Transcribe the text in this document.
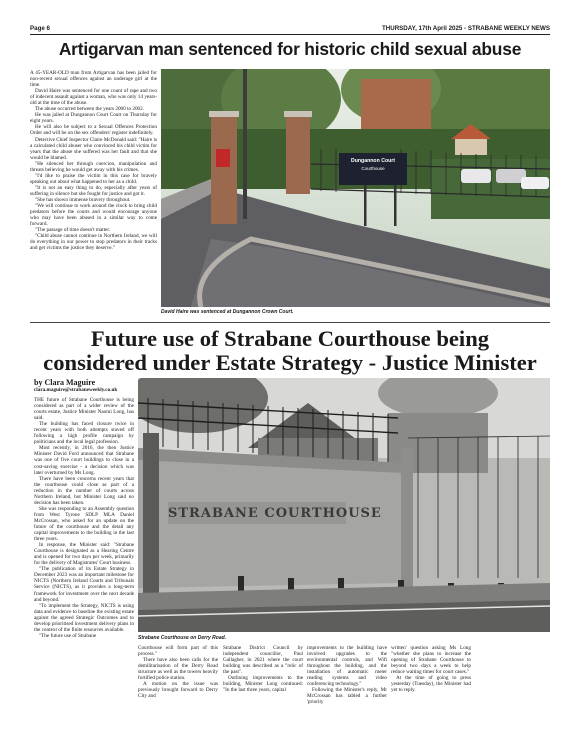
Page 6	THURSDAY, 17th April 2025 - STRABANE WEEKLY NEWS
Artigarvan man sentenced for historic child sexual abuse

A 45-YEAR-OLD man from Artigarvan has been jailed for non-recent sexual offences against an underage girl at the time.

David Haire was sentenced for one count of rape and two of indecent assault against a woman, who was only 14 years-old at the time of the abuse.

The abuse occurred between the years 2000 to 2002.

He was jailed at Dungannon Court Court on Thursday for eight years.

He will also be subject to a Sexual Offences Protection Order and will be on the sex offenders' register indefinitely.

Detective Chief Inspector Claire McDonald said: "Haire is a calculated child abuser who convinced his child victim for years that the abuse she suffered was her fault and that she would be blamed.

"He silenced her through coercion, manipulation and threats believing he would get away with his crimes.

"I'd like to praise the victim in this case for bravely speaking out about what happened to her as a child.

"It is not an easy thing to do, especially after years of suffering in silence but she fought for justice and got it.

"She has shown immense bravery throughout.

"We will continue to work around the clock to bring child predators before the courts and would encourage anyone who may have been abused in a similar way to come forward.

"The passage of time doesn't matter.

"Child abuse cannot continue in Northern Ireland, we will do everything in our power to stop predators in their tracks and get victims the justice they deserve."

Dungannon Court
Courthouse
David Haire was sentenced at Dungannon Crown Court.
Future use of Strabane Courthouse being
considered under Estate Strategy - Justice Minister
by Clara Maguire
clara.maguire@strabaneweekly.co.uk

THE future of Strabane Courthouse is being considered as part of a wider review of the courts estate, Justice Minister Naomi Long, has said.

The building has faced closure twice in recent years with both attempts staved off following a high profile campaign by politicians and the local legal profession.

Most recently, in 2016, the then Justice Minister David Ford announced that Strabane was one of five court buildings to close in a cost-saving exercise - a decision which was later overturned by Ms Long.

There have been concerns recent years that the courthouse could close as part of a reduction in the number of courts across Northern Ireland, but Minister Long said no decision has been taken.

She was responding to an Assembly question from West Tyrone SDLP MLA Daniel McCrossan, who asked for an update on the future of the courthouse and the detail any capital improvements to the building in the last three years.

In response, the Minister said: "Strabane Courthouse is designated as a Hearing Centre and is opened for two days per week, primarily for the delivery of Magistrates' Court business.

"The publication of its Estate Strategy in December 2023 was an important milestone for NICTS (Northern Ireland Courts and Tribunals Service (NICTS), as it provides a long-term framework for investment over the next decade and beyond.

"To implement the Strategy, NICTS is using data and evidence to baseline the existing estate against the agreed Strategic Outcomes and to develop prioritised investment delivery plans in the context of the finite resources available.

"The future use of Strabane

STRABANE COURTHOUSE
Strabane Courthouse on Derry Road.

Courthouse will form part of this process."

There have also been calls for the demilitarisation of the Derry Road structure as well as the towers heavily fortified police station.

A motion on the issue was previously brought forward to Derry City and

Strabane District Council by independent councillor, Paul Gallagher, in 2021 where the court building was described as a "relic of the past".

Outlining improvements to the building, Minister Long continued: "In the last three years, capital

improvements to the building have involved upgrades to the environmental controls, and Wifi throughout the building, and the installation of automatic meter reading systems and video conferencing technology."

Following the Minister's reply, Mr McCrossan has tabled a further 'priority

written' question asking Ms Long "whether she plans to increase the opening of Strabane Courthouse to beyond two days a week to help reduce waiting times for court cases."

At the time of going to press yesterday (Tuesday), the Minister had yet to reply.
